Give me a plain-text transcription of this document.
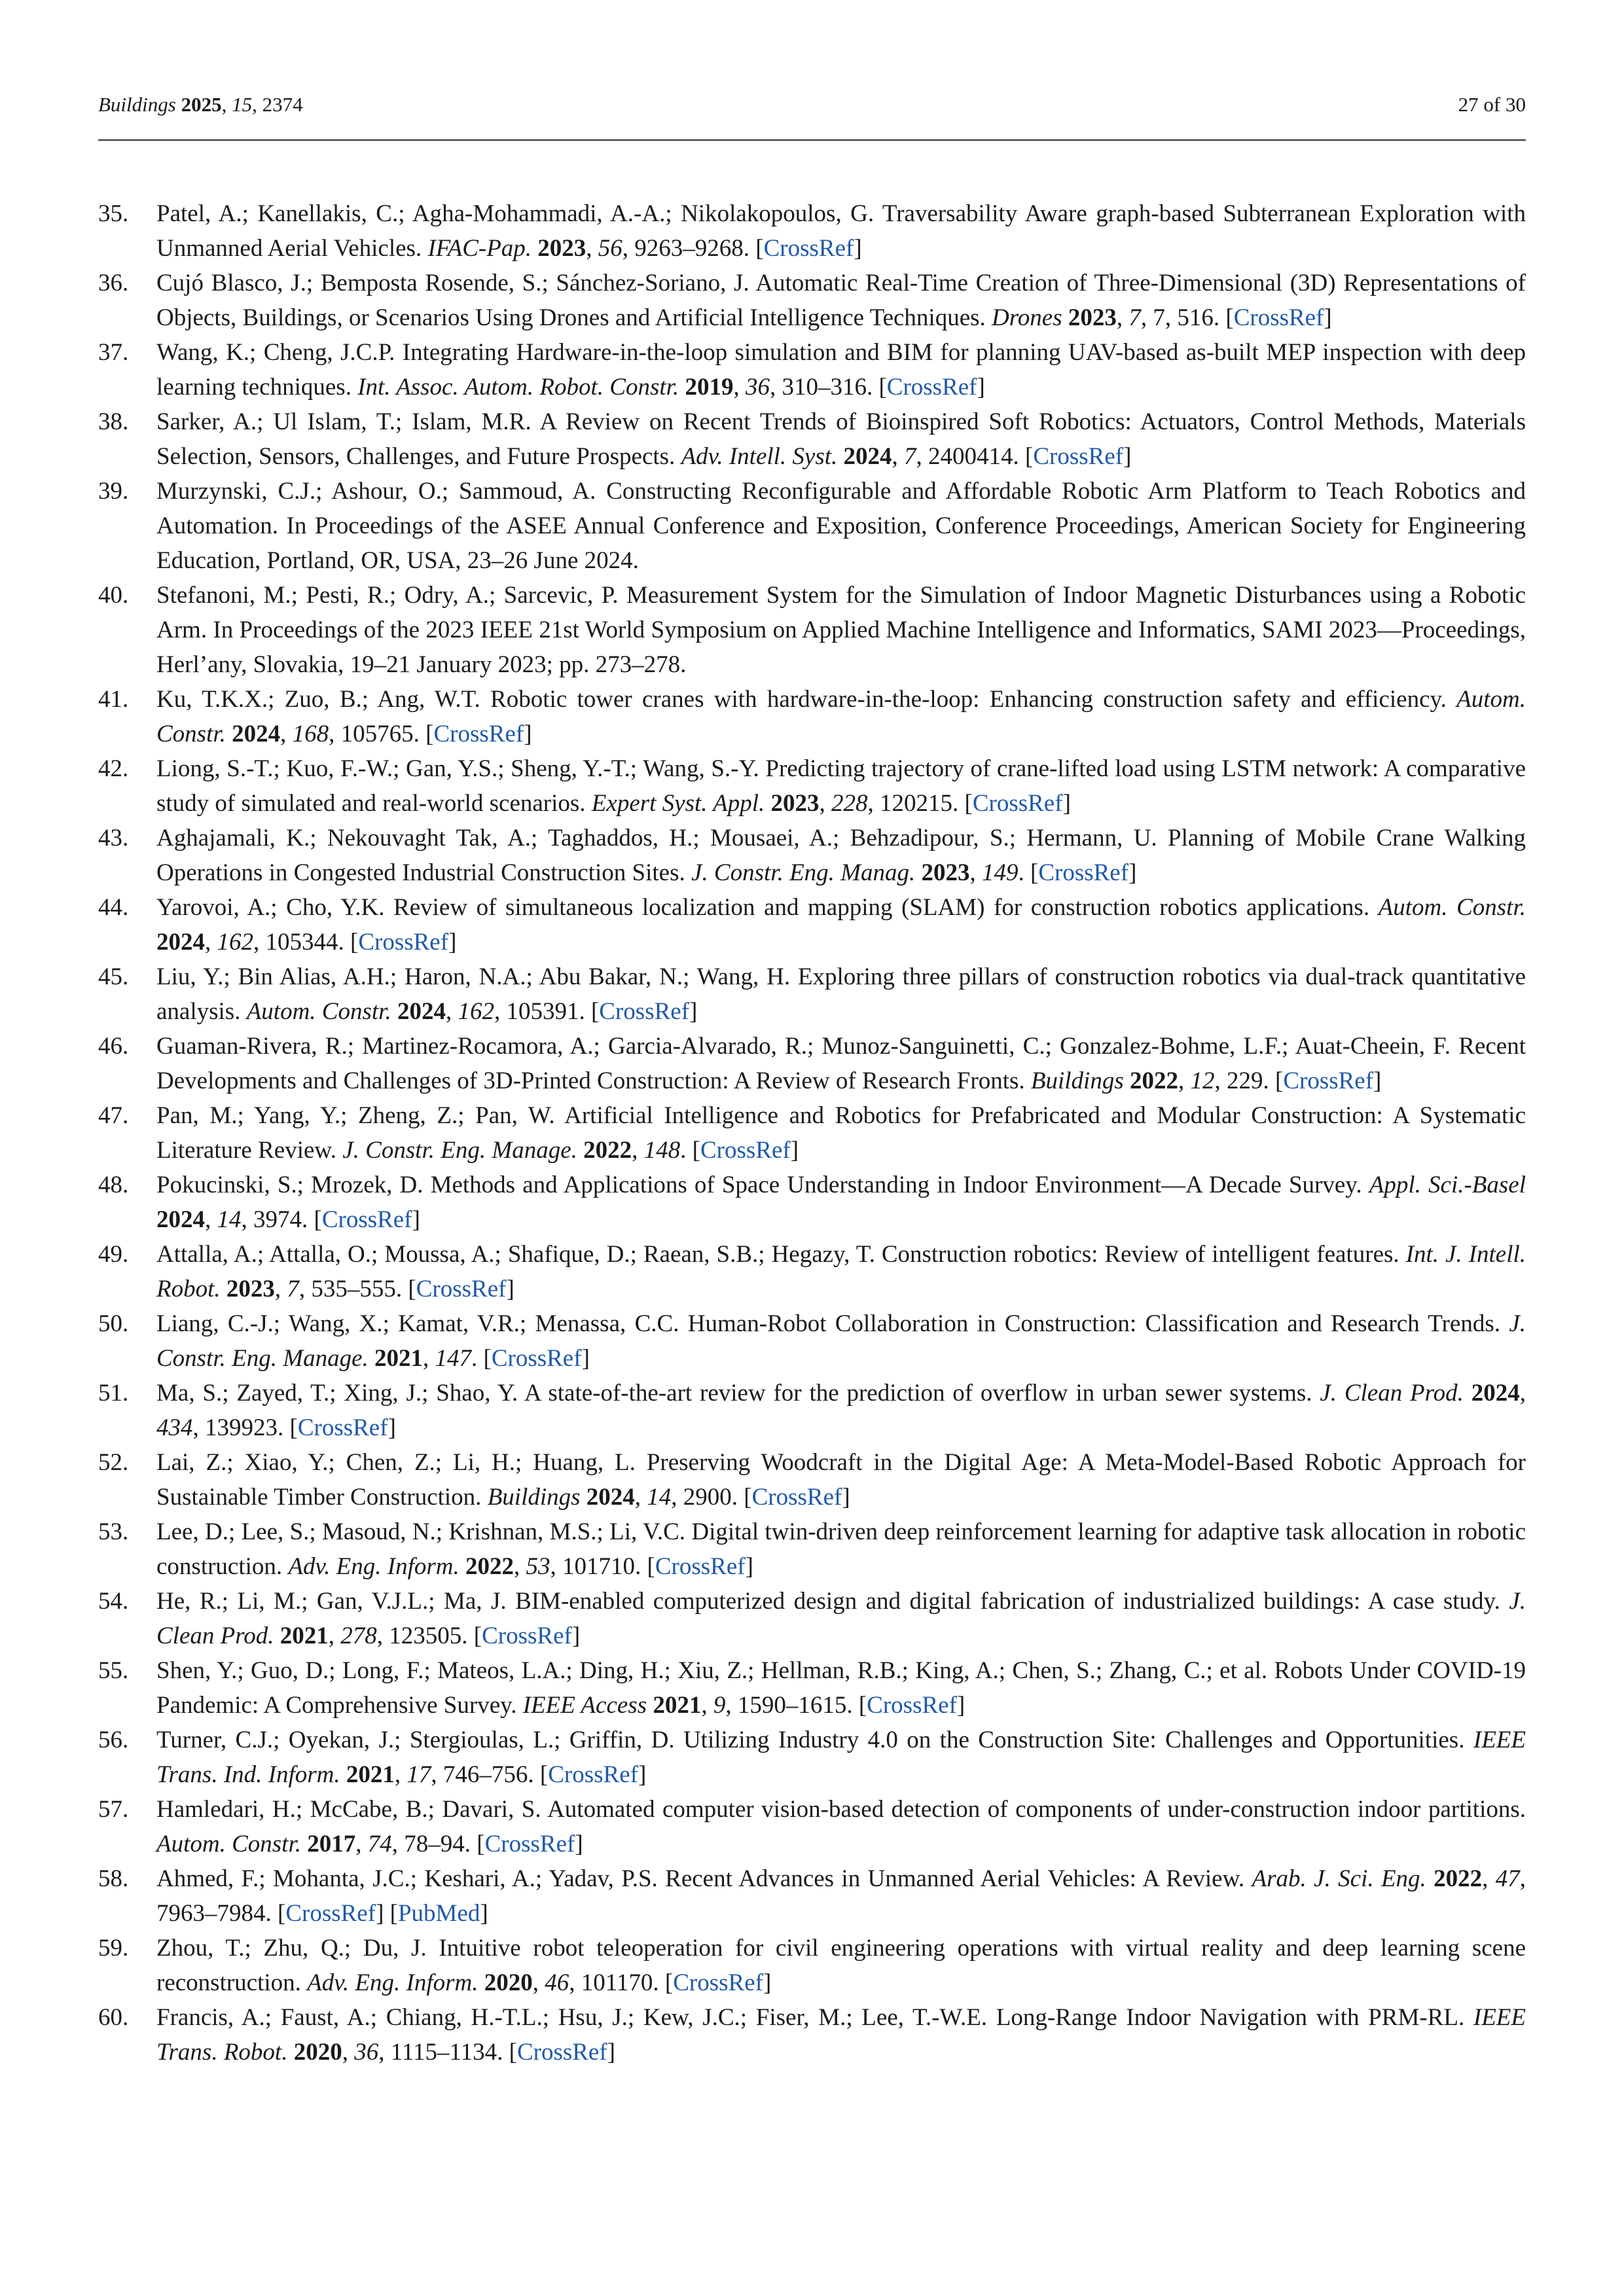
Buildings 2025, 15, 2374	27 of 30
35. Patel, A.; Kanellakis, C.; Agha-Mohammadi, A.-A.; Nikolakopoulos, G. Traversability Aware graph-based Subterranean Exploration with Unmanned Aerial Vehicles. IFAC-Pap. 2023, 56, 9263–9268. [CrossRef]
36. Cujó Blasco, J.; Bemposta Rosende, S.; Sánchez-Soriano, J. Automatic Real-Time Creation of Three-Dimensional (3D) Representations of Objects, Buildings, or Scenarios Using Drones and Artificial Intelligence Techniques. Drones 2023, 7, 7, 516. [CrossRef]
37. Wang, K.; Cheng, J.C.P. Integrating Hardware-in-the-loop simulation and BIM for planning UAV-based as-built MEP inspection with deep learning techniques. Int. Assoc. Autom. Robot. Constr. 2019, 36, 310–316. [CrossRef]
38. Sarker, A.; Ul Islam, T.; Islam, M.R. A Review on Recent Trends of Bioinspired Soft Robotics: Actuators, Control Methods, Materials Selection, Sensors, Challenges, and Future Prospects. Adv. Intell. Syst. 2024, 7, 2400414. [CrossRef]
39. Murzynski, C.J.; Ashour, O.; Sammoud, A. Constructing Reconfigurable and Affordable Robotic Arm Platform to Teach Robotics and Automation. In Proceedings of the ASEE Annual Conference and Exposition, Conference Proceedings, American Society for Engineering Education, Portland, OR, USA, 23–26 June 2024.
40. Stefanoni, M.; Pesti, R.; Odry, A.; Sarcevic, P. Measurement System for the Simulation of Indoor Magnetic Disturbances using a Robotic Arm. In Proceedings of the 2023 IEEE 21st World Symposium on Applied Machine Intelligence and Informatics, SAMI 2023—Proceedings, Herl’any, Slovakia, 19–21 January 2023; pp. 273–278.
41. Ku, T.K.X.; Zuo, B.; Ang, W.T. Robotic tower cranes with hardware-in-the-loop: Enhancing construction safety and efficiency. Autom. Constr. 2024, 168, 105765. [CrossRef]
42. Liong, S.-T.; Kuo, F.-W.; Gan, Y.S.; Sheng, Y.-T.; Wang, S.-Y. Predicting trajectory of crane-lifted load using LSTM network: A comparative study of simulated and real-world scenarios. Expert Syst. Appl. 2023, 228, 120215. [CrossRef]
43. Aghajamali, K.; Nekouvaght Tak, A.; Taghaddos, H.; Mousaei, A.; Behzadipour, S.; Hermann, U. Planning of Mobile Crane Walking Operations in Congested Industrial Construction Sites. J. Constr. Eng. Manag. 2023, 149. [CrossRef]
44. Yarovoi, A.; Cho, Y.K. Review of simultaneous localization and mapping (SLAM) for construction robotics applications. Autom. Constr. 2024, 162, 105344. [CrossRef]
45. Liu, Y.; Bin Alias, A.H.; Haron, N.A.; Abu Bakar, N.; Wang, H. Exploring three pillars of construction robotics via dual-track quantitative analysis. Autom. Constr. 2024, 162, 105391. [CrossRef]
46. Guaman-Rivera, R.; Martinez-Rocamora, A.; Garcia-Alvarado, R.; Munoz-Sanguinetti, C.; Gonzalez-Bohme, L.F.; Auat-Cheein, F. Recent Developments and Challenges of 3D-Printed Construction: A Review of Research Fronts. Buildings 2022, 12, 229. [CrossRef]
47. Pan, M.; Yang, Y.; Zheng, Z.; Pan, W. Artificial Intelligence and Robotics for Prefabricated and Modular Construction: A Systematic Literature Review. J. Constr. Eng. Manage. 2022, 148. [CrossRef]
48. Pokucinski, S.; Mrozek, D. Methods and Applications of Space Understanding in Indoor Environment—A Decade Survey. Appl. Sci.-Basel 2024, 14, 3974. [CrossRef]
49. Attalla, A.; Attalla, O.; Moussa, A.; Shafique, D.; Raean, S.B.; Hegazy, T. Construction robotics: Review of intelligent features. Int. J. Intell. Robot. 2023, 7, 535–555. [CrossRef]
50. Liang, C.-J.; Wang, X.; Kamat, V.R.; Menassa, C.C. Human-Robot Collaboration in Construction: Classification and Research Trends. J. Constr. Eng. Manage. 2021, 147. [CrossRef]
51. Ma, S.; Zayed, T.; Xing, J.; Shao, Y. A state-of-the-art review for the prediction of overflow in urban sewer systems. J. Clean Prod. 2024, 434, 139923. [CrossRef]
52. Lai, Z.; Xiao, Y.; Chen, Z.; Li, H.; Huang, L. Preserving Woodcraft in the Digital Age: A Meta-Model-Based Robotic Approach for Sustainable Timber Construction. Buildings 2024, 14, 2900. [CrossRef]
53. Lee, D.; Lee, S.; Masoud, N.; Krishnan, M.S.; Li, V.C. Digital twin-driven deep reinforcement learning for adaptive task allocation in robotic construction. Adv. Eng. Inform. 2022, 53, 101710. [CrossRef]
54. He, R.; Li, M.; Gan, V.J.L.; Ma, J. BIM-enabled computerized design and digital fabrication of industrialized buildings: A case study. J. Clean Prod. 2021, 278, 123505. [CrossRef]
55. Shen, Y.; Guo, D.; Long, F.; Mateos, L.A.; Ding, H.; Xiu, Z.; Hellman, R.B.; King, A.; Chen, S.; Zhang, C.; et al. Robots Under COVID-19 Pandemic: A Comprehensive Survey. IEEE Access 2021, 9, 1590–1615. [CrossRef]
56. Turner, C.J.; Oyekan, J.; Stergioulas, L.; Griffin, D. Utilizing Industry 4.0 on the Construction Site: Challenges and Opportunities. IEEE Trans. Ind. Inform. 2021, 17, 746–756. [CrossRef]
57. Hamledari, H.; McCabe, B.; Davari, S. Automated computer vision-based detection of components of under-construction indoor partitions. Autom. Constr. 2017, 74, 78–94. [CrossRef]
58. Ahmed, F.; Mohanta, J.C.; Keshari, A.; Yadav, P.S. Recent Advances in Unmanned Aerial Vehicles: A Review. Arab. J. Sci. Eng. 2022, 47, 7963–7984. [CrossRef] [PubMed]
59. Zhou, T.; Zhu, Q.; Du, J. Intuitive robot teleoperation for civil engineering operations with virtual reality and deep learning scene reconstruction. Adv. Eng. Inform. 2020, 46, 101170. [CrossRef]
60. Francis, A.; Faust, A.; Chiang, H.-T.L.; Hsu, J.; Kew, J.C.; Fiser, M.; Lee, T.-W.E. Long-Range Indoor Navigation with PRM-RL. IEEE Trans. Robot. 2020, 36, 1115–1134. [CrossRef]
